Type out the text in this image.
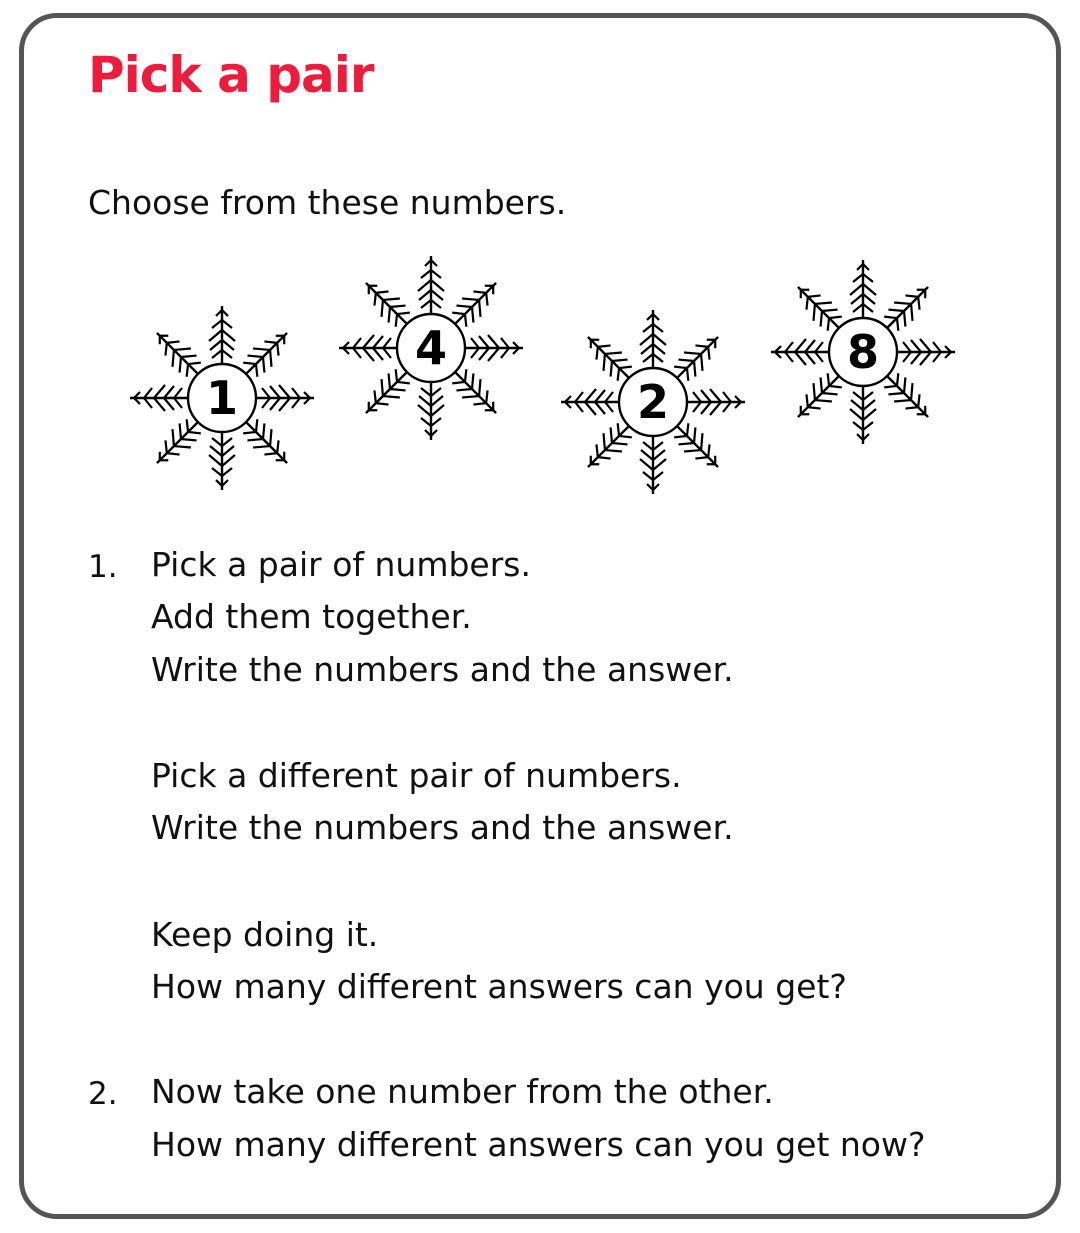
Pick a pair

Choose from these numbers.

1
4
2
8
1. Pick a pair of numbers.
Add them together.
Write the numbers and the answer.
Pick a different pair of numbers.
Write the numbers and the answer.
Keep doing it.
How many different answers can you get?
2. Now take one number from the other.
How many different answers can you get now?
